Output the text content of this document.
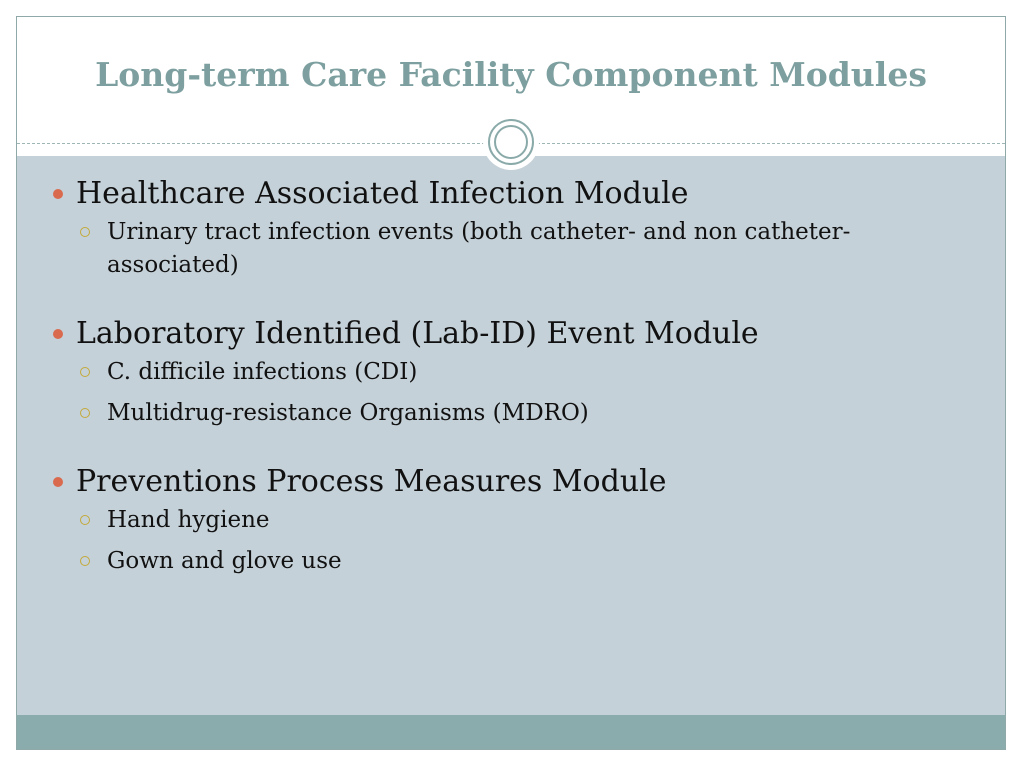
Long-term Care Facility Component Modules

Healthcare Associated Infection Module

Urinary tract infection events (both catheter- and non catheter-associated)

Laboratory Identified (Lab-ID) Event Module

C. difficile infections (CDI)

Multidrug-resistance Organisms (MDRO)

Preventions Process Measures Module

Hand hygiene

Gown and glove use
